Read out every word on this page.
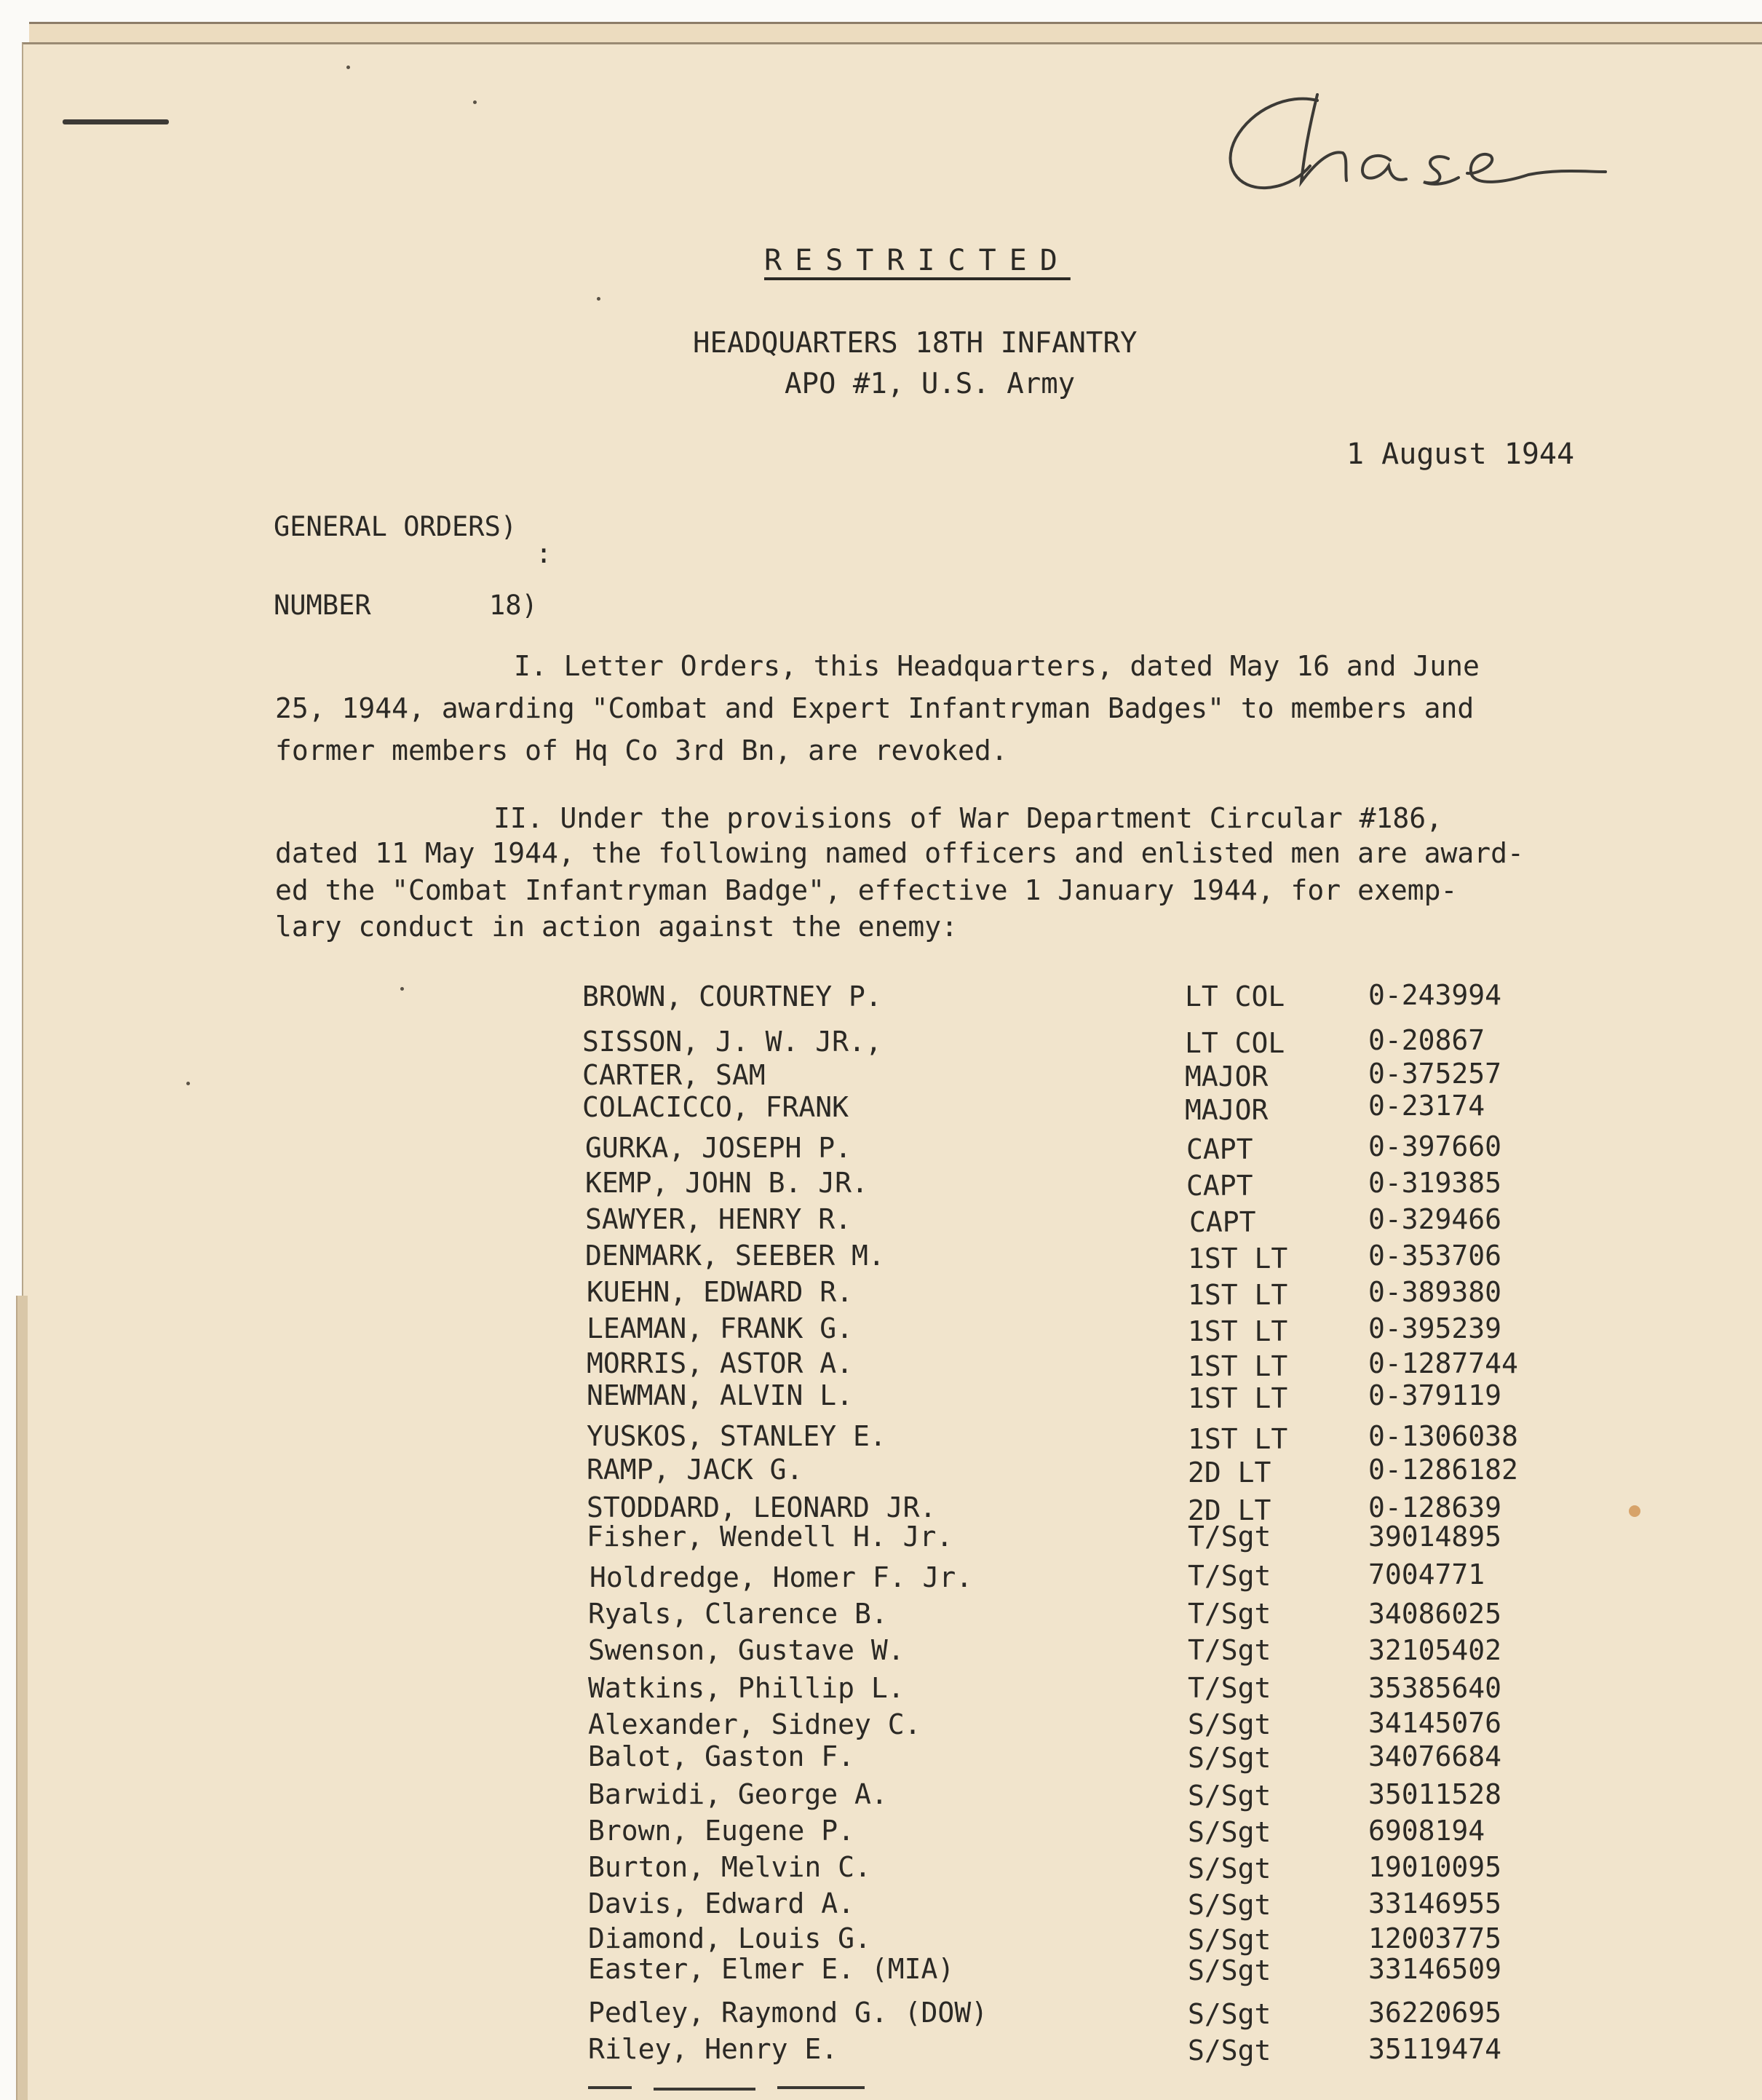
RESTRICTED

HEADQUARTERS 18TH INFANTRY

APO #1, U.S. Army

1 August 1944

GENERAL ORDERS)

:

NUMBER	18)

I. Letter Orders, this Headquarters, dated May 16 and June

25, 1944, awarding "Combat and Expert Infantryman Badges" to members and

former members of Hq Co 3rd Bn, are revoked.

II. Under the provisions of War Department Circular #186,

dated 11 May 1944, the following named officers and enlisted men are award-

ed the "Combat Infantryman Badge", effective 1 January 1944, for exemp-

lary conduct in action against the enemy:

BROWN, COURTNEY P.	LT COL	0-243994

SISSON, J. W. JR.,	LT COL	0-20867

CARTER, SAM	MAJOR	0-375257

COLACICCO, FRANK	MAJOR	0-23174

GURKA, JOSEPH P.	CAPT	0-397660

KEMP, JOHN B. JR.	CAPT	0-319385

SAWYER, HENRY R.	CAPT	0-329466

DENMARK, SEEBER M.	1ST LT	0-353706

KUEHN, EDWARD R.	1ST LT	0-389380

LEAMAN, FRANK G.	1ST LT	0-395239

MORRIS, ASTOR A.	1ST LT	0-1287744

NEWMAN, ALVIN L.	1ST LT	0-379119

YUSKOS, STANLEY E.	1ST LT	0-1306038

RAMP, JACK G.	2D LT	0-1286182

STODDARD, LEONARD JR.	2D LT	0-128639

Fisher, Wendell H. Jr.	T/Sgt	39014895

Holdredge, Homer F. Jr.	T/Sgt	7004771

Ryals, Clarence B.	T/Sgt	34086025

Swenson, Gustave W.	T/Sgt	32105402

Watkins, Phillip L.	T/Sgt	35385640

Alexander, Sidney C.	S/Sgt	34145076

Balot, Gaston F.	S/Sgt	34076684

Barwidi, George A.	S/Sgt	35011528

Brown, Eugene P.	S/Sgt	6908194

Burton, Melvin C.	S/Sgt	19010095

Davis, Edward A.	S/Sgt	33146955

Diamond, Louis G.	S/Sgt	12003775

Easter, Elmer E. (MIA)	S/Sgt	33146509

Pedley, Raymond G. (DOW)	S/Sgt	36220695

Riley, Henry E.	S/Sgt	35119474
